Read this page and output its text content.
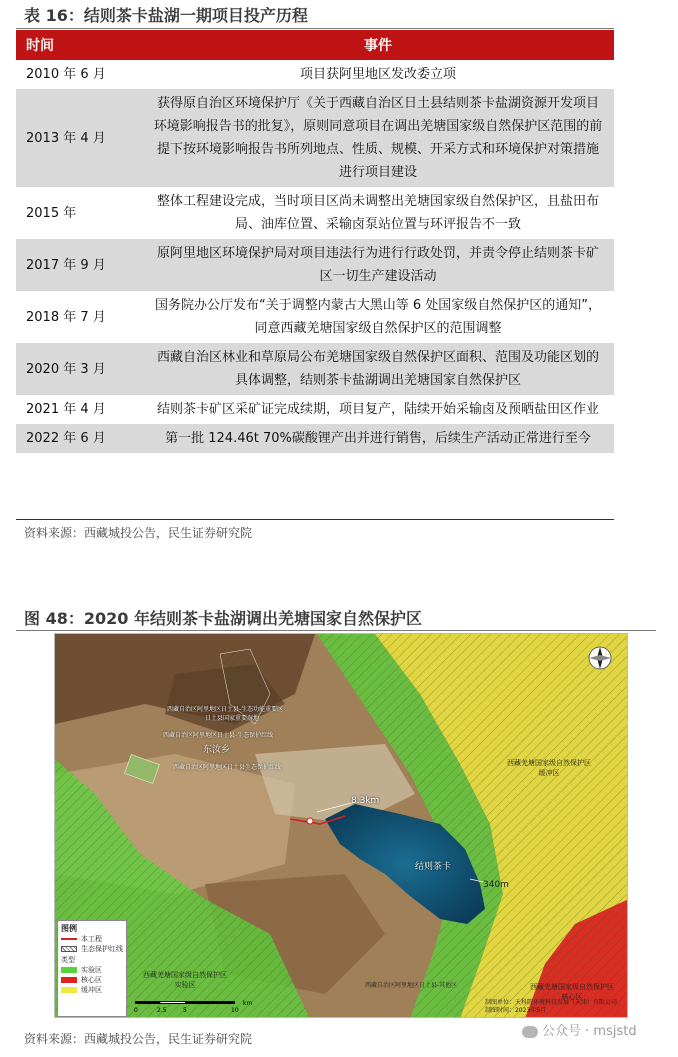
表 16：结则茶卡盐湖一期项目投产历程
时间	事件
2010 年 6 月	项目获阿里地区发改委立项
2013 年 4 月	获得原自治区环境保护厅《关于西藏自治区日土县结则茶卡盐湖资源开发项目环境影响报告书的批复》，原则同意项目在调出羌塘国家级自然保护区范围的前提下按环境影响报告书所列地点、性质、规模、开采方式和环境保护对策措施进行项目建设
2015 年	整体工程建设完成，当时项目区尚未调整出羌塘国家级自然保护区，且盐田布局、油库位置、采输卤泵站位置与环评报告不一致
2017 年 9 月	原阿里地区环境保护局对项目违法行为进行行政处罚，并责令停止结则茶卡矿区一切生产建设活动
2018 年 7 月	国务院办公厅发布“关于调整内蒙古大黑山等 6 处国家级自然保护区的通知”，同意西藏羌塘国家级自然保护区的范围调整
2020 年 3 月	西藏自治区林业和草原局公布羌塘国家级自然保护区面积、范围及功能区划的具体调整，结则茶卡盐湖调出羌塘国家自然保护区
2021 年 4 月	结则茶卡矿区采矿证完成续期，项目复产，陆续开始采输卤及预晒盐田区作业
2022 年 6 月	第一批 124.46t 70%碳酸锂产出并进行销售，后续生产活动正常进行至今
资料来源：西藏城投公告，民生证券研究院
图 48：2020 年结则茶卡盐湖调出羌塘国家自然保护区
西藏自治区阿里地区日土县-生态功能重要区
日土县国家重要湿地
西藏自治区阿里地区日土县-生态保护红线
东汝乡
西藏自治区阿里地区日土县生态保护红线
8.3km
结则茶卡
340m
西藏羌塘国家级自然保护区
缓冲区
西藏羌塘国家级自然保护区
实验区	西藏羌塘国家级自然保护区
核心区
西藏自治区阿里地区日土县-其他区
图例
本工程
生态保护红线
类型
实验区
核心区
缓冲区
0	2.5	5	10
km	制图单位：天科院环境科技发展（天津）有限公司
制图时间：2023年5月
资料来源：西藏城投公告，民生证券研究院	公众号 · msjstd
